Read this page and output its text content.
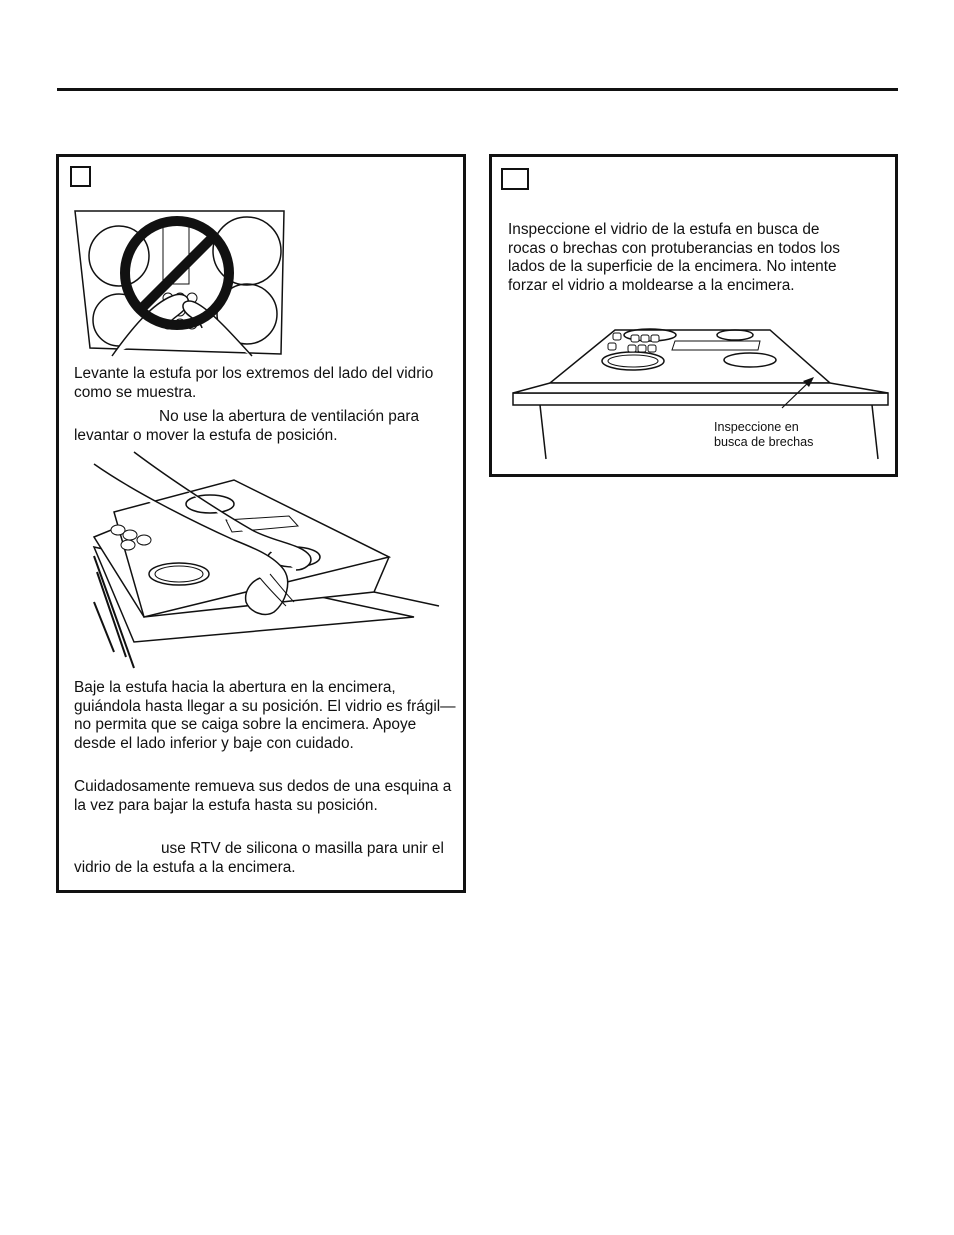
Levante la estufa por los extremos del lado del vidrio como se muestra.

No use la abertura de ventilación para levantar o mover la estufa de posición.

Baje la estufa hacia la abertura en la encimera, guiándola hasta llegar a su posición. El vidrio es frágil—no permita que se caiga sobre la encimera. Apoye desde el lado inferior y baje con cuidado.

Cuidadosamente remueva sus dedos de una esquina a la vez para bajar la estufa hasta su posición.

use RTV de silicona o masilla para unir el vidrio de la estufa a la encimera.

Inspeccione el vidrio de la estufa en busca de rocas o brechas con protuberancias en todos los lados de la superficie de la encimera. No intente forzar el vidrio a moldearse a la encimera.

Inspeccione en

busca de brechas
